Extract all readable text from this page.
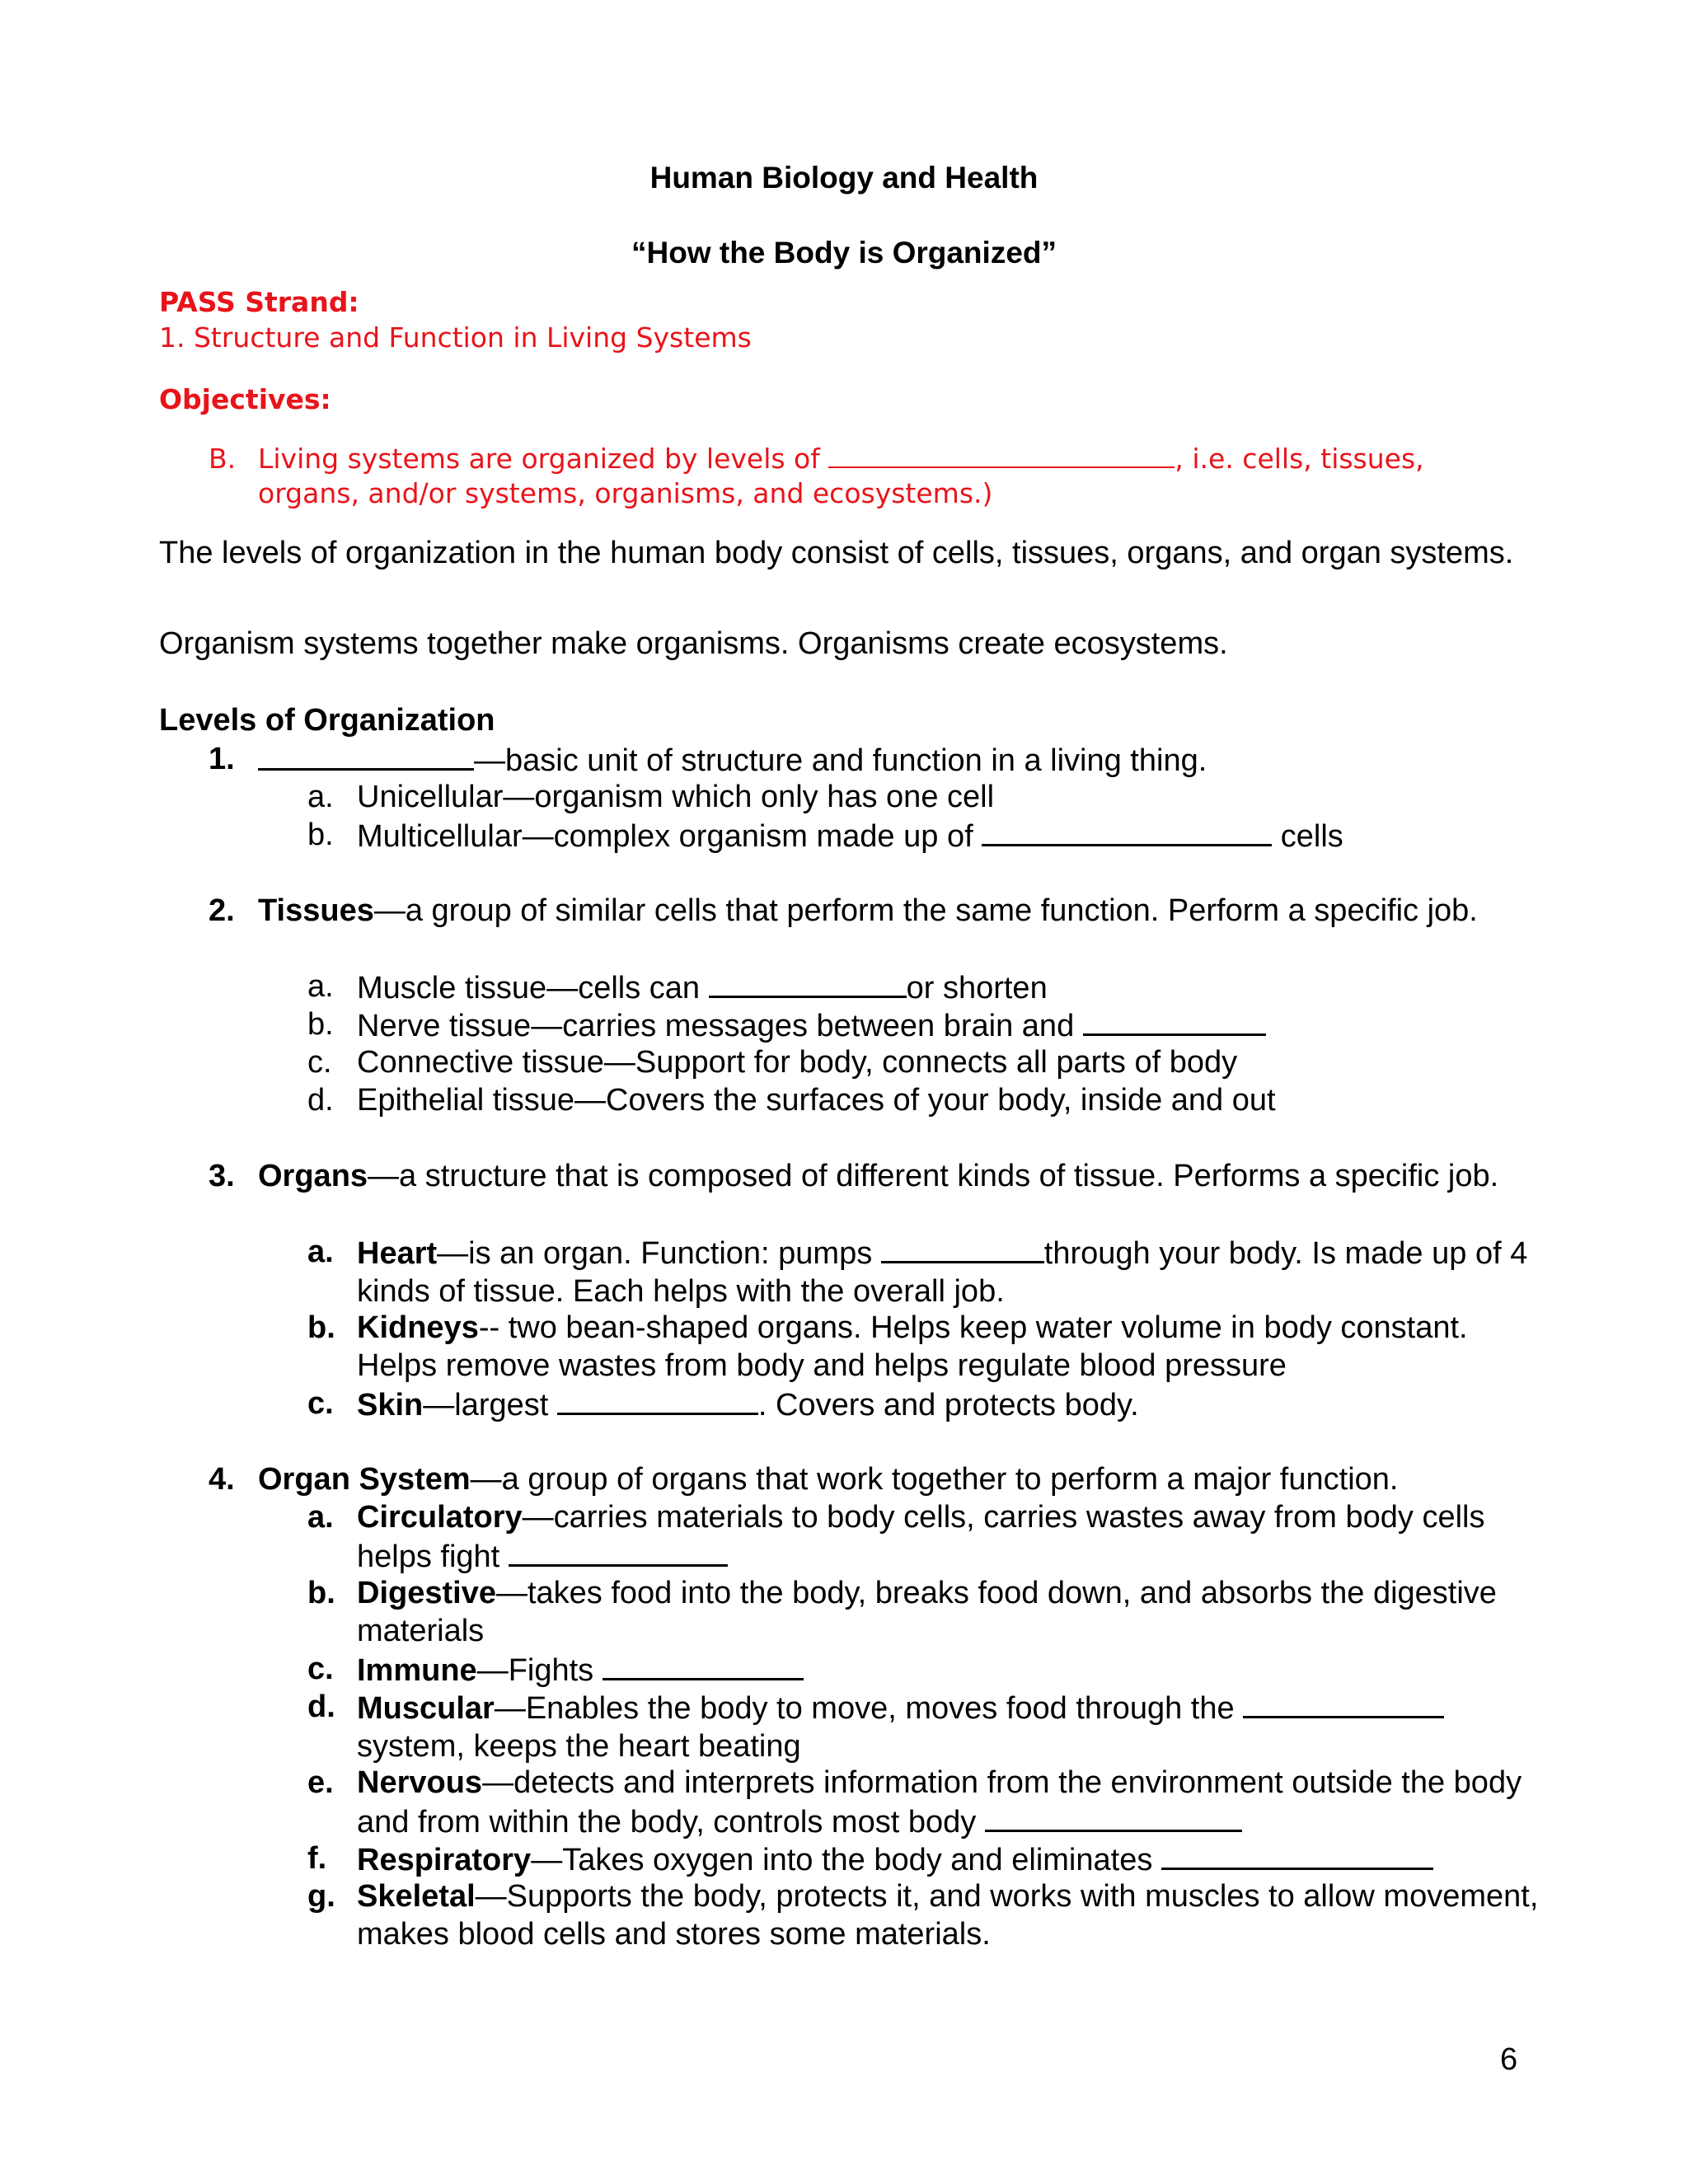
Human Biology and Health
“How the Body is Organized”
PASS Strand:
1. Structure and Function in Living Systems
Objectives:
B. Living systems are organized by levels of	, i.e. cells, tissues,
organs, and/or systems, organisms, and ecosystems.)
The levels of organization in the human body consist of cells, tissues, organs, and organ systems.
Organism systems together make organisms. Organisms create ecosystems.
Levels of Organization
1.	—basic unit of structure and function in a living thing.
a. Unicellular—organism which only has one cell
b. Multicellular—complex organism made up of	cells
2. Tissues—a group of similar cells that perform the same function. Perform a specific job.
a. Muscle tissue—cells can	or shorten
b. Nerve tissue—carries messages between brain and
c. Connective tissue—Support for body, connects all parts of body
d. Epithelial tissue—Covers the surfaces of your body, inside and out
3. Organs—a structure that is composed of different kinds of tissue. Performs a specific job.
a. Heart—is an organ. Function: pumps	through your body. Is made up of 4 kinds of tissue. Each helps with the overall job.
b. Kidneys-- two bean-shaped organs. Helps keep water volume in body constant. Helps remove wastes from body and helps regulate blood pressure
c. Skin—largest	. Covers and protects body.
4. Organ System—a group of organs that work together to perform a major function.
a. Circulatory—carries materials to body cells, carries wastes away from body cells helps fight
b. Digestive—takes food into the body, breaks food down, and absorbs the digestive materials
c. Immune—Fights
d. Muscular—Enables the body to move, moves food through the
system, keeps the heart beating
e. Nervous—detects and interprets information from the environment outside the body and from within the body, controls most body
f. Respiratory—Takes oxygen into the body and eliminates
g. Skeletal—Supports the body, protects it, and works with muscles to allow movement, makes blood cells and stores some materials.
6
